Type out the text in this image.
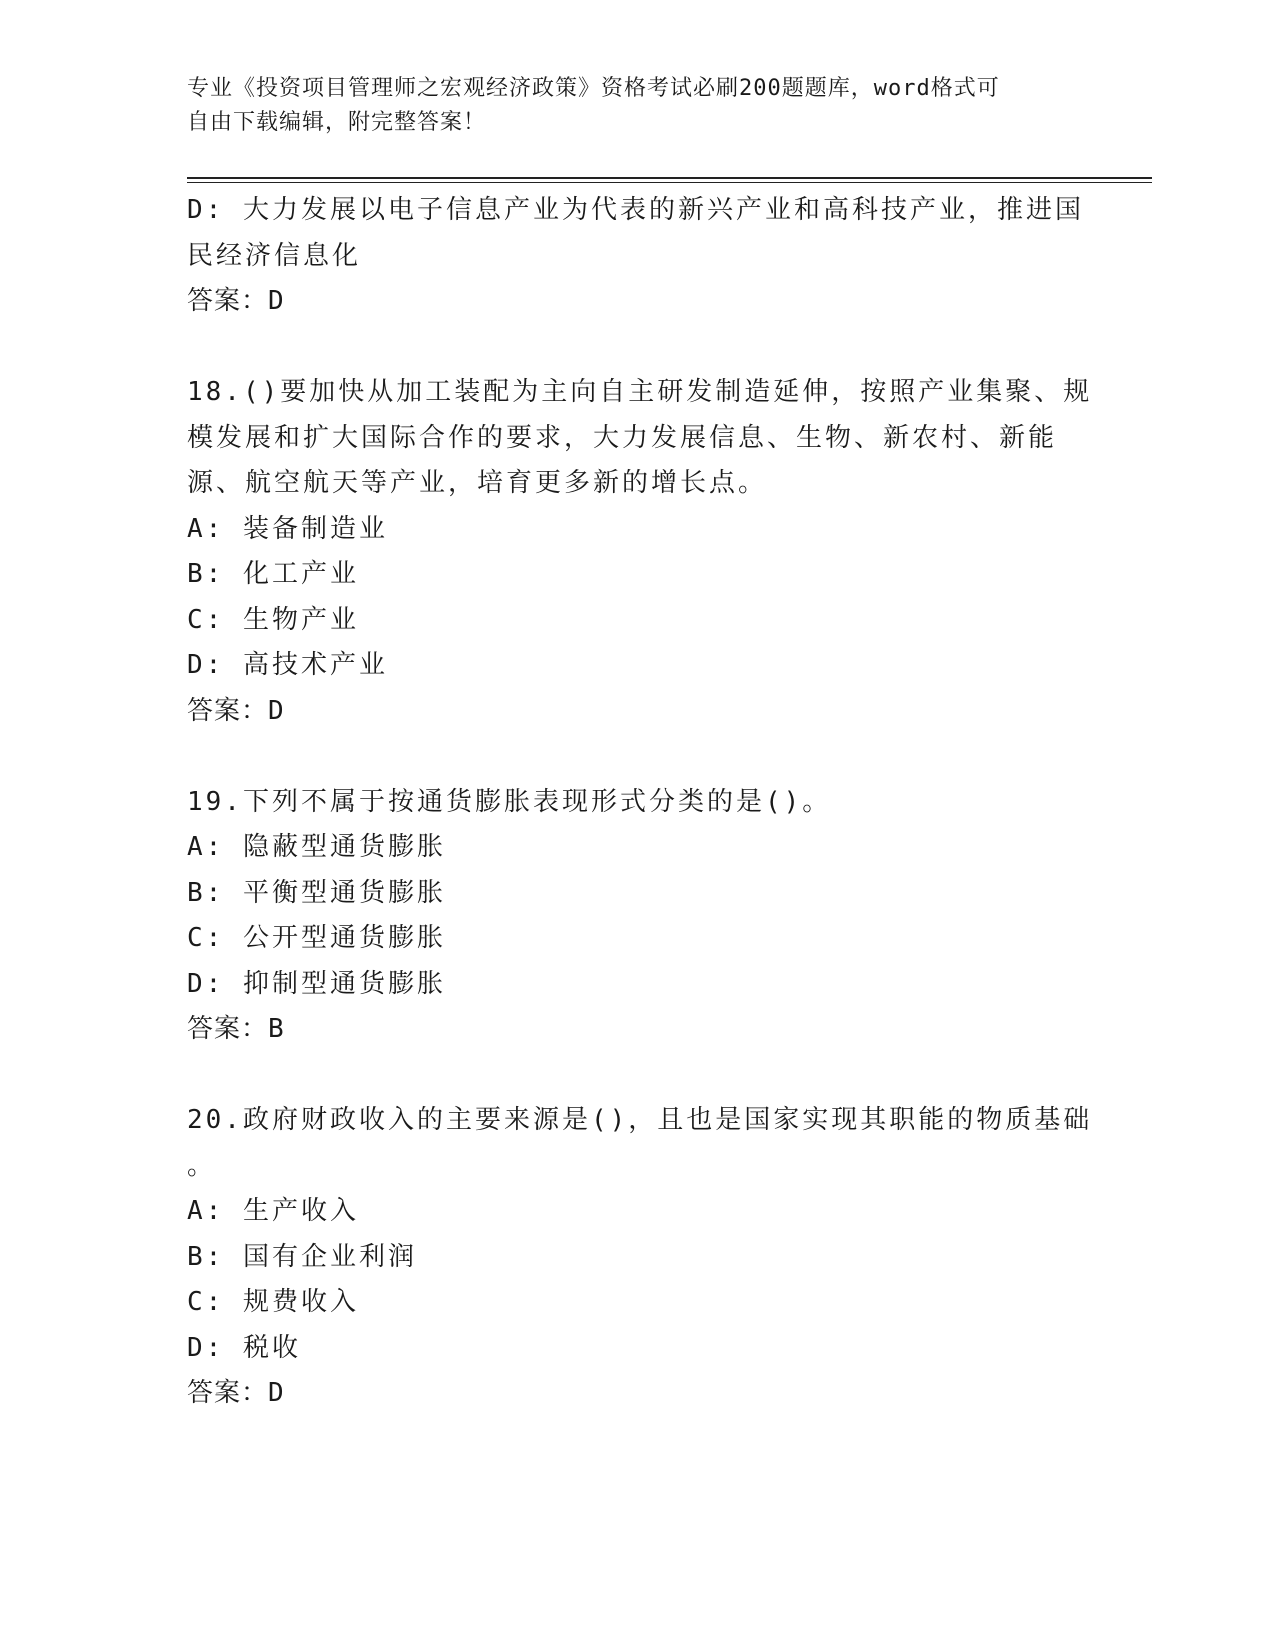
专业《投资项目管理师之宏观经济政策》资格考试必刷200题题库，word格式可
自由下载编辑，附完整答案！
D: 大力发展以电子信息产业为代表的新兴产业和高科技产业，推进国
民经济信息化
答案：D
18.()要加快从加工装配为主向自主研发制造延伸，按照产业集聚、规
模发展和扩大国际合作的要求，大力发展信息、生物、新农村、新能
源、航空航天等产业，培育更多新的增长点。
A: 装备制造业
B: 化工产业
C: 生物产业
D: 高技术产业
答案：D
19.下列不属于按通货膨胀表现形式分类的是()。
A: 隐蔽型通货膨胀
B: 平衡型通货膨胀
C: 公开型通货膨胀
D: 抑制型通货膨胀
答案：B
20.政府财政收入的主要来源是()，且也是国家实现其职能的物质基础
。
A: 生产收入
B: 国有企业利润
C: 规费收入
D: 税收
答案：D
